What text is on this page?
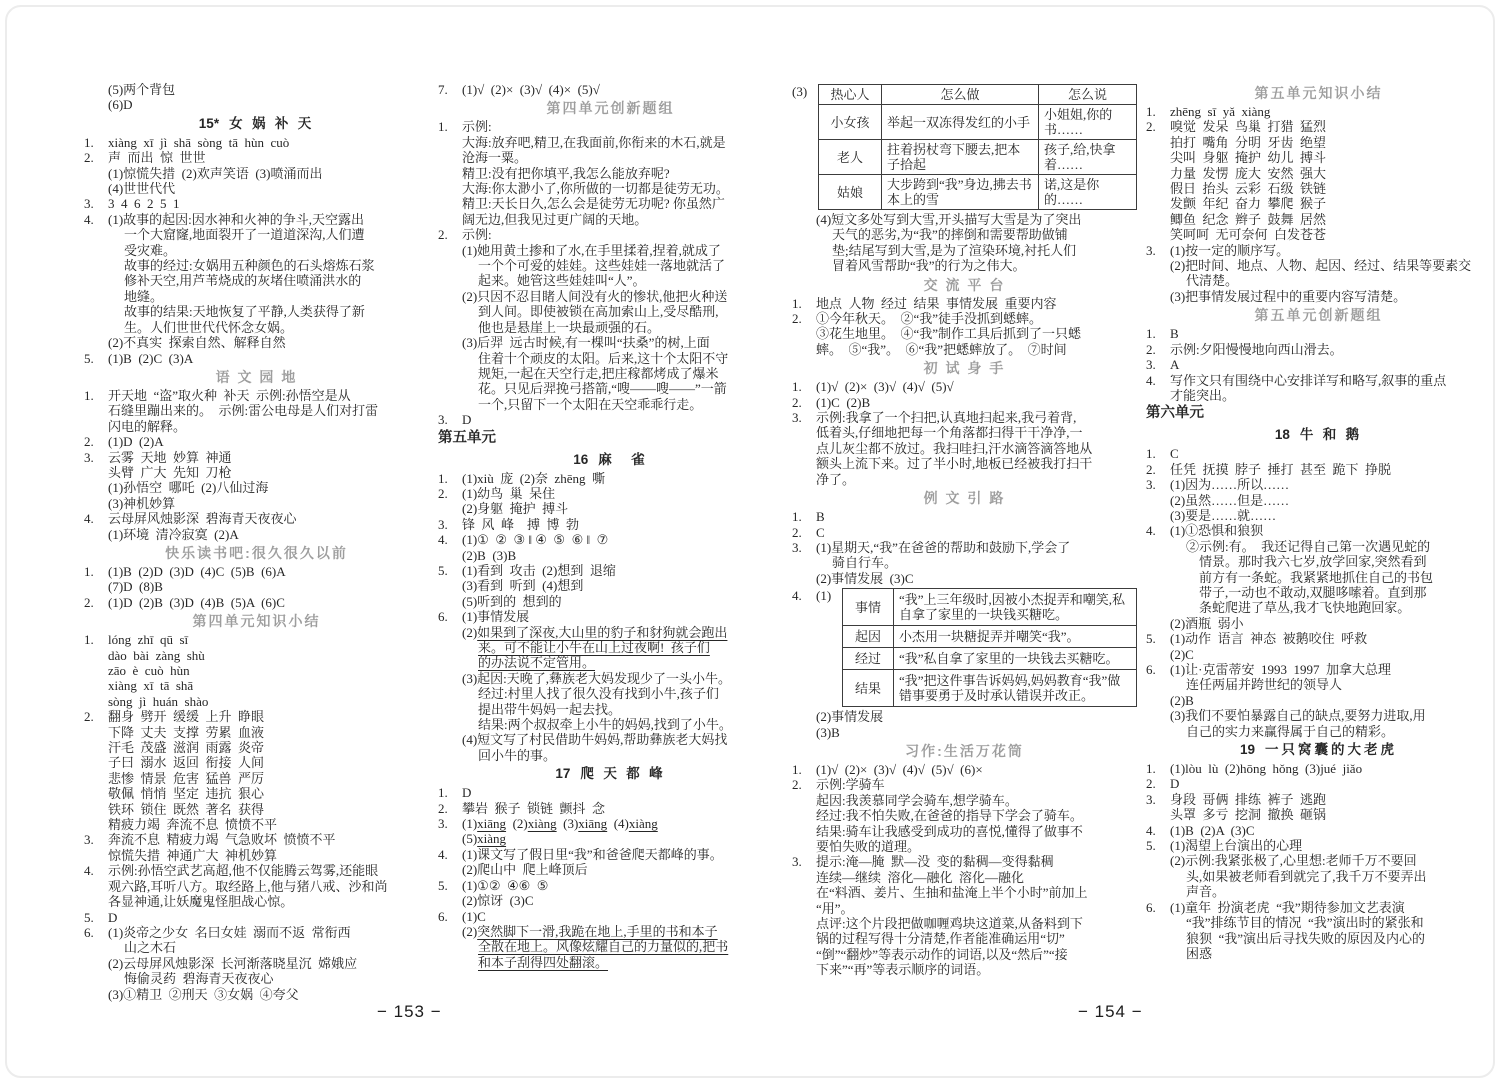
(5)两个背包
(6)D
15* 女 娲 补 天
1.	xiàng  xī  jì  shā  sòng  tā  hùn  cuò
2.	声  而出  惊  世世
(1)惊慌失措  (2)欢声笑语  (3)喷涌而出
(4)世世代代
3.	3  4  6  2  5  1
4.	(1)故事的起因:因水神和火神的争斗,天空露出
一个大窟窿,地面裂开了一道道深沟,人们遭
受灾难。
故事的经过:女娲用五种颜色的石头熔炼石浆
修补天空,用芦苇烧成的灰堵住喷涌洪水的
地缝。
故事的结果:天地恢复了平静,人类获得了新
生。人们世世代代怀念女娲。
(2)不真实  探索自然、解释自然
5.	(1)B  (2)C  (3)A
语 文 园 地
1.	开天地  “盗”取火种  补天  示例:孙悟空是从
石缝里蹦出来的。  示例:雷公电母是人们对打雷
闪电的解释。
2.	(1)D  (2)A
3.	云雾  天地  妙算  神通
头臂  广大  先知  刀枪
(1)孙悟空  哪吒  (2)八仙过海
(3)神机妙算
4.	云母屏风烛影深  碧海青天夜夜心
(1)环境  清冷寂寞  (2)A
快乐读书吧:很久很久以前
1.	(1)B  (2)D  (3)D  (4)C  (5)B  (6)A
(7)D  (8)B
2.	(1)D  (2)B  (3)D  (4)B  (5)A  (6)C
第四单元知识小结
1.	lóng  zhī  qū  sī
dào  bài  zàng  shù
zāo  è  cuò  hùn
xiàng  xī  tā  shā
sòng  jì  huán  shào
2.	翻身  劈开  缓缓  上升  睁眼
下降  丈夫  支撑  劳累  血液
汗毛  茂盛  滋润  雨露  炎帝
子曰  溺水  返回  衔接  人间
悲惨  情景  危害  猛兽  严厉
敬佩  悄悄  坚定  违抗  狠心
铁环  锁住  既然  著名  获得
精疲力竭  奔流不息  愤愤不平
3.	奔流不息  精疲力竭  气急败坏  愤愤不平
惊慌失措  神通广大  神机妙算
4.	示例:孙悟空武艺高超,他不仅能腾云驾雾,还能眼
观六路,耳听八方。取经路上,他与猪八戒、沙和尚
各显神通,让妖魔鬼怪胆战心惊。
5.	D
6.	(1)炎帝之少女  名曰女娃  溺而不返  常衔西
山之木石
(2)云母屏风烛影深  长河渐落晓星沉  嫦娥应
悔偷灵药  碧海青天夜夜心
(3)①精卫  ②刑天  ③女娲  ④夸父
7.	(1)√  (2)×  (3)√  (4)×  (5)√
第四单元创新题组
1.	示例:
大海:放弃吧,精卫,在我面前,你衔来的木石,就是
沧海一粟。
精卫:没有把你填平,我怎么能放弃呢?
大海:你太渺小了,你所做的一切都是徒劳无功。
精卫:天长日久,怎么会是徒劳无功呢? 你虽然广
阔无边,但我见过更广阔的天地。
2.	示例:
(1)她用黄土掺和了水,在手里揉着,捏着,就成了
一个个可爱的娃娃。这些娃娃一落地就活了
起来。她管这些娃娃叫“人”。
(2)只因不忍目睹人间没有火的惨状,他把火种送
到人间。即使被锁在高加索山上,受尽酷刑,
他也是悬崖上一块最顽强的石。
(3)后羿  远古时候,有一棵叫“扶桑”的树,上面
住着十个顽皮的太阳。后来,这十个太阳不守
规矩,一起在天空行走,把庄稼都烤成了爆米
花。只见后羿挽弓搭箭,“嗖——嗖——”一箭
一个,只留下一个太阳在天空乖乖行走。
3.	D
第五单元
16 麻　雀
1.	(1)xiù  庞  (2)奈  zhēng  嘶
2.	(1)幼鸟  巢  呆住
(2)身躯  掩护  搏斗
3.	锋  风  峰    搏  博  勃
4.	(1)①  ②  ③ ‖ ④  ⑤  ⑥ ‖  ⑦
(2)B  (3)B
5.	(1)看到  攻击  (2)想到  退缩
(3)看到  听到  (4)想到
(5)听到的  想到的
6.	(1)事情发展
(2)如果到了深夜,大山里的豹子和豺狗就会跑出
来。可不能让小牛在山上过夜啊!  孩子们
的办法说不定管用。
(3)起因:天晚了,彝族老大妈发现少了一头小牛。
经过:村里人找了很久没有找到小牛,孩子们
提出带牛妈妈一起去找。
结果:两个叔叔牵上小牛的妈妈,找到了小牛。
(4)短文写了村民借助牛妈妈,帮助彝族老大妈找
回小牛的事。
17 爬 天 都 峰
1.	D
2.	攀岩  猴子  锁链  颤抖  念
3.	(1)xiāng  (2)xiàng  (3)xiāng  (4)xiàng
(5)xiàng
4.	(1)课文写了假日里“我”和爸爸爬天都峰的事。
(2)爬山中  爬上峰顶后
5.	(1)①②  ④⑥  ⑤
(2)惊讶  (3)C
6.	(1)C
(2)突然脚下一滑,我跪在地上,手里的书和本子
全散在地上。风像炫耀自己的力量似的,把书
和本子刮得四处翻滚。
(3)	热心人	怎么做	怎么说
小女孩	举起一双冻得发红的小手	小姐姐,你的书……
老人	拄着拐杖弯下腰去,把本子拾起	孩子,给,快拿着……
姑娘	大步跨到“我”身边,拂去书本上的雪	诺,这是你的……
(4)短文多处写到大雪,开头描写大雪是为了突出
天气的恶劣,为“我”的摔倒和需要帮助做铺
垫;结尾写到大雪,是为了渲染环境,衬托人们
冒着风雪帮助“我”的行为之伟大。
交 流 平 台
1.	地点  人物  经过  结果  事情发展  重要内容
2.	①今年秋天。  ②“我”徒手没抓到蟋蟀。
③花生地里。  ④“我”制作工具后抓到了一只蟋
蟀。  ⑤“我”。  ⑥“我”把蟋蟀放了。  ⑦时间
初 试 身 手
1.	(1)√  (2)×  (3)√  (4)√  (5)√
2.	(1)C  (2)B
3.	示例:我拿了一个扫把,认真地扫起来,我弓着背,
低着头,仔细地把每一个角落都扫得干干净净,一
点儿灰尘都不放过。我扫哇扫,汗水滴答滴答地从
额头上流下来。过了半小时,地板已经被我打扫干
净了。
例 文 引 路
1.	B
2.	C
3.	(1)星期天,“我”在爸爸的帮助和鼓励下,学会了
骑自行车。
(2)事情发展  (3)C
4.	(1)
事情	“我”上三年级时,因被小杰捉弄和嘲笑,私自拿了家里的一块钱买糖吃。
起因	小杰用一块糖捉弄并嘲笑“我”。
经过	“我”私自拿了家里的一块钱去买糖吃。
结果	“我”把这件事告诉妈妈,妈妈教育“我”做错事要勇于及时承认错误并改正。
(2)事情发展
(3)B
习作:生活万花筒
1.	(1)√  (2)×  (3)√  (4)√  (5)√  (6)×
2.	示例:学骑车
起因:我羡慕同学会骑车,想学骑车。
经过:我不怕失败,在爸爸的指导下学会了骑车。
结果:骑车让我感受到成功的喜悦,懂得了做事不
要怕失败的道理。
3.	提示:淹—腌  默—没  变的黏稠—变得黏稠
连续—继续  溶化—融化  溶化—融化
在“料酒、姜片、生抽和盐淹上半个小时”前加上
“用”。
点评:这个片段把做咖喱鸡块这道菜,从备料到下
锅的过程写得十分清楚,作者能准确运用“切”
“倒”“翻炒”等表示动作的词语,以及“然后”“接
下来”“再”等表示顺序的词语。
第五单元知识小结
1.	zhēng  sī  yǎ  xiàng
2.	嗅觉  发呆  鸟巢  打猎  猛烈
拍打  嘴角  分明  牙齿  绝望
尖叫  身躯  掩护  幼儿  搏斗
力量  发愣  庞大  安然  强大
假日  抬头  云彩  石级  铁链
发颤  年纪  奋力  攀爬  猴子
鲫鱼  纪念  辫子  鼓舞  居然
笑呵呵  无可奈何  白发苍苍
3.	(1)按一定的顺序写。
(2)把时间、地点、人物、起因、经过、结果等要素交
代清楚。
(3)把事情发展过程中的重要内容写清楚。
第五单元创新题组
1.	B
2.	示例:夕阳慢慢地向西山滑去。
3.	A
4.	写作文只有围绕中心安排详写和略写,叙事的重点
才能突出。
第六单元
18 牛 和 鹅
1.	C
2.	任凭  抚摸  脖子  捶打  甚至  跪下  挣脱
3.	(1)因为……所以……
(2)虽然……但是……
(3)要是……就……
4.	(1)①恐惧和狼狈
②示例:有。  我还记得自己第一次遇见蛇的
情景。那时我六七岁,放学回家,突然看到
前方有一条蛇。我紧紧地抓住自己的书包
带子,一动也不敢动,双腿哆嗦着。直到那
条蛇爬进了草丛,我才飞快地跑回家。
(2)酒瓶  弱小
5.	(1)动作  语言  神态  被鹅咬住  呼救
(2)C
6.	(1)让·克雷蒂安  1993  1997  加拿大总理
连任两届并跨世纪的领导人
(2)B
(3)我们不要怕暴露自己的缺点,要努力进取,用
自己的实力来赢得属于自己的精彩。
19 一只窝囊的大老虎
1.	(1)lòu  lù  (2)hōng  hǒng  (3)jué  jiǎo
2.	D
3.	身段  哥俩  排练  裤子  逃跑
头罩  多亏  挖洞  撤换  砸锅
4.	(1)B  (2)A  (3)C
5.	(1)渴望上台演出的心理
(2)示例:我紧张极了,心里想:老师千万不要回
头,如果被老师看到就完了,我千万不要弄出
声音。
6.	(1)童年  扮演老虎  “我”期待参加文艺表演
“我”排练节目的情况  “我”演出时的紧张和
狼狈  “我”演出后寻找失败的原因及内心的
困惑
− 153 −	− 154 −
